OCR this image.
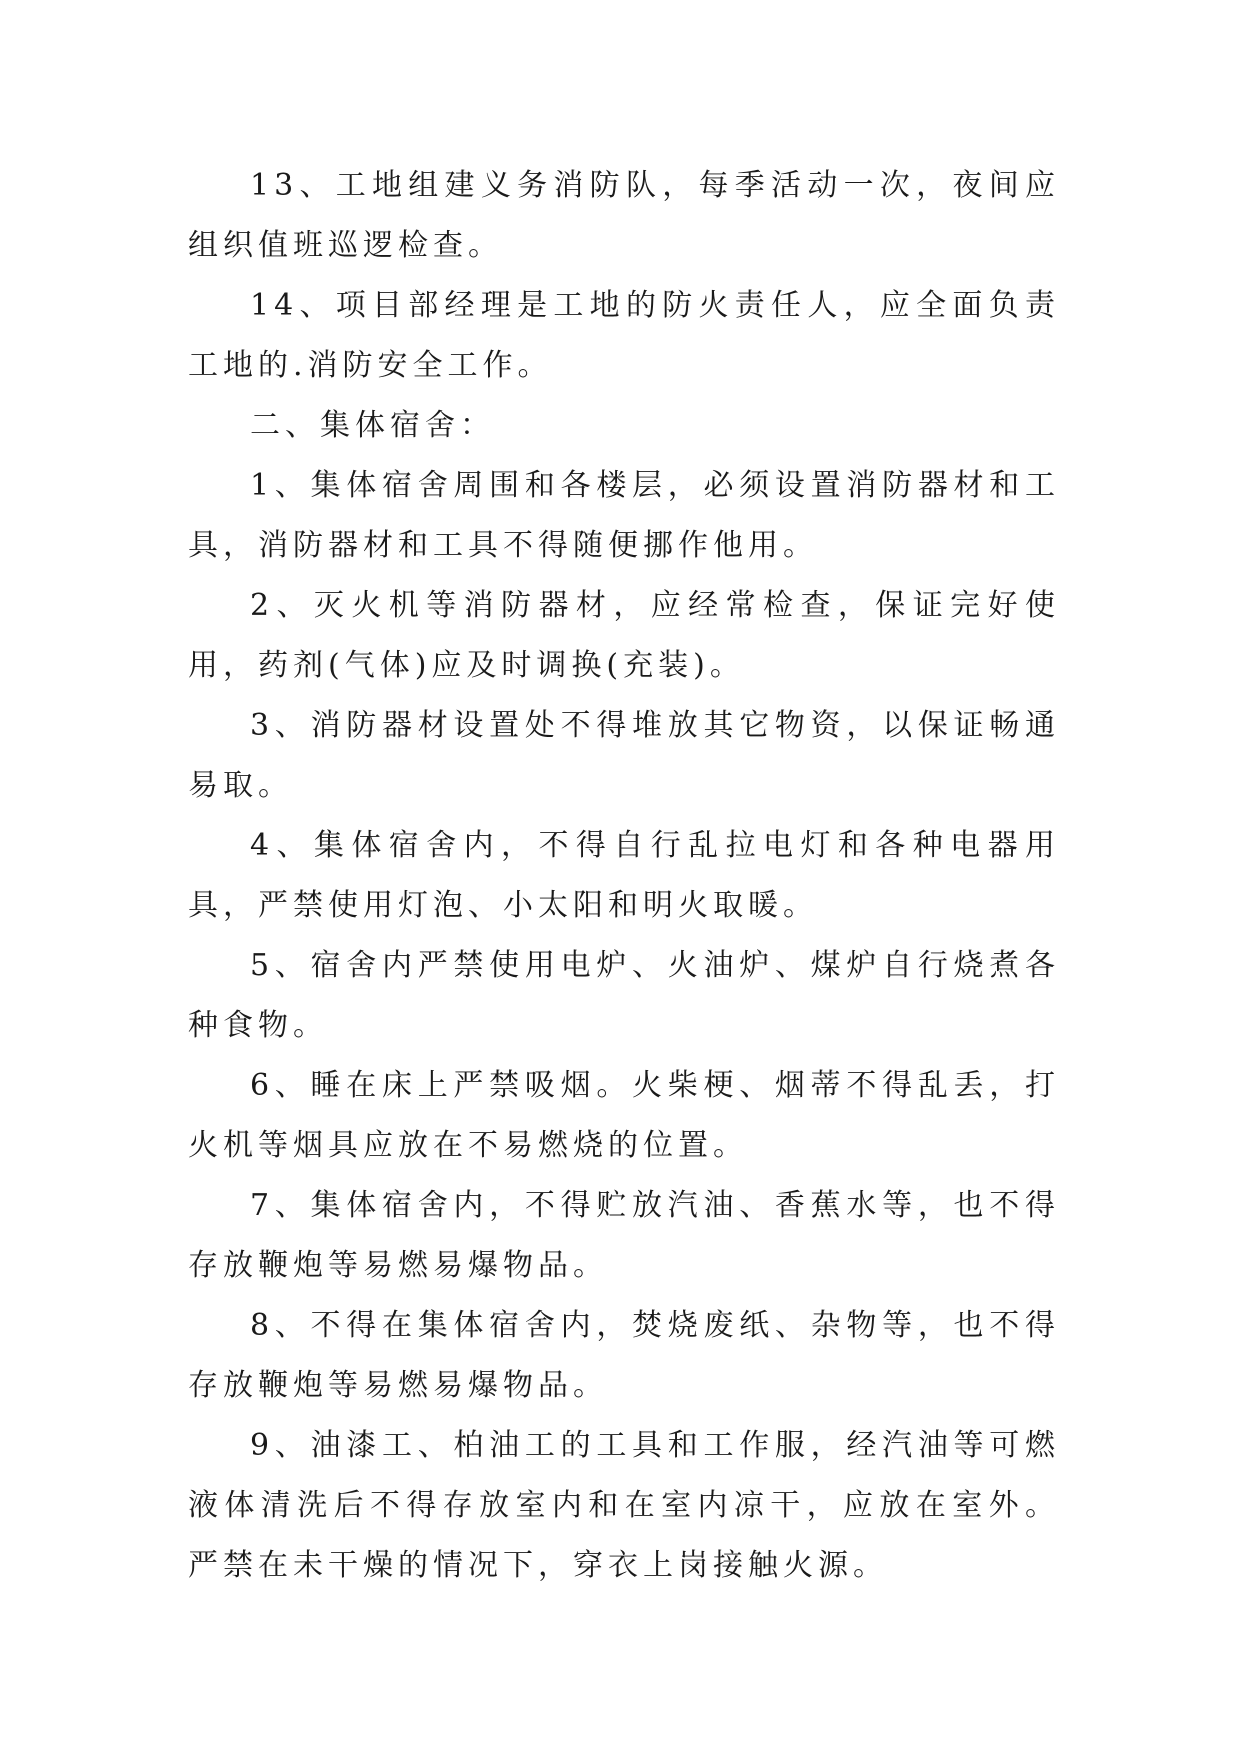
13、工地组建义务消防队，每季活动一次，夜间应组织值班巡逻检查。

14、项目部经理是工地的防火责任人，应全面负责工地的.消防安全工作。

二、集体宿舍：

1、集体宿舍周围和各楼层，必须设置消防器材和工具，消防器材和工具不得随便挪作他用。

2、灭火机等消防器材，应经常检查，保证完好使用，药剂(气体)应及时调换(充装)。

3、消防器材设置处不得堆放其它物资，以保证畅通易取。

4、集体宿舍内，不得自行乱拉电灯和各种电器用具，严禁使用灯泡、小太阳和明火取暖。

5、宿舍内严禁使用电炉、火油炉、煤炉自行烧煮各种食物。

6、睡在床上严禁吸烟。火柴梗、烟蒂不得乱丢，打火机等烟具应放在不易燃烧的位置。

7、集体宿舍内，不得贮放汽油、香蕉水等，也不得存放鞭炮等易燃易爆物品。

8、不得在集体宿舍内，焚烧废纸、杂物等，也不得存放鞭炮等易燃易爆物品。

9、油漆工、柏油工的工具和工作服，经汽油等可燃液体清洗后不得存放室内和在室内凉干，应放在室外。严禁在未干燥的情况下，穿衣上岗接触火源。
